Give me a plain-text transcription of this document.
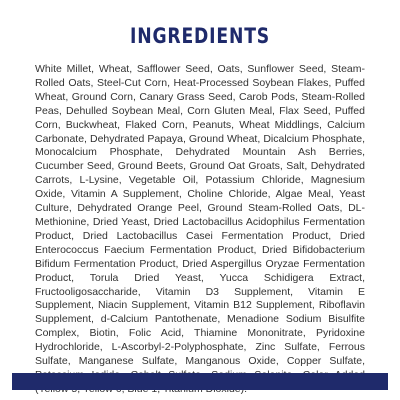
INGREDIENTS

White Millet, Wheat, Safflower Seed, Oats, Sunflower Seed, Steam-Rolled Oats, Steel-Cut Corn, Heat-Processed Soybean Flakes, Puffed Wheat, Ground Corn, Canary Grass Seed, Carob Pods, Steam-Rolled Peas, Dehulled Soybean Meal, Corn Gluten Meal, Flax Seed, Puffed Corn, Buckwheat, Flaked Corn, Peanuts, Wheat Middlings, Calcium Carbonate, Dehydrated Papaya, Ground Wheat, Dicalcium Phosphate, Monocalcium Phosphate, Dehydrated Mountain Ash Berries, Cucumber Seed, Ground Beets, Ground Oat Groats, Salt, Dehydrated Carrots, L-Lysine, Vegetable Oil, Potassium Chloride, Magnesium Oxide, Vitamin A Supplement, Choline Chloride, Algae Meal, Yeast Culture, Dehydrated Orange Peel, Ground Steam-Rolled Oats, DL-Methionine, Dried Yeast, Dried Lactobacillus Acidophilus Fermentation Product, Dried Lactobacillus Casei Fermentation Product, Dried Enterococcus Faecium Fermentation Product, Dried Bifidobacterium Bifidum Fermentation Product, Dried Aspergillus Oryzae Fermentation Product, Torula Dried Yeast, Yucca Schidigera Extract, Fructooligosaccharide, Vitamin D3 Supplement, Vitamin E Supplement, Niacin Supplement, Vitamin B12 Supplement, Riboflavin Supplement, d-Calcium Pantothenate, Menadione Sodium Bisulfite Complex, Biotin, Folic Acid, Thiamine Mononitrate, Pyridoxine Hydrochloride, L-Ascorbyl-2-Polyphosphate, Zinc Sulfate, Ferrous Sulfate, Manganese Sulfate, Manganous Oxide, Copper Sulfate,
